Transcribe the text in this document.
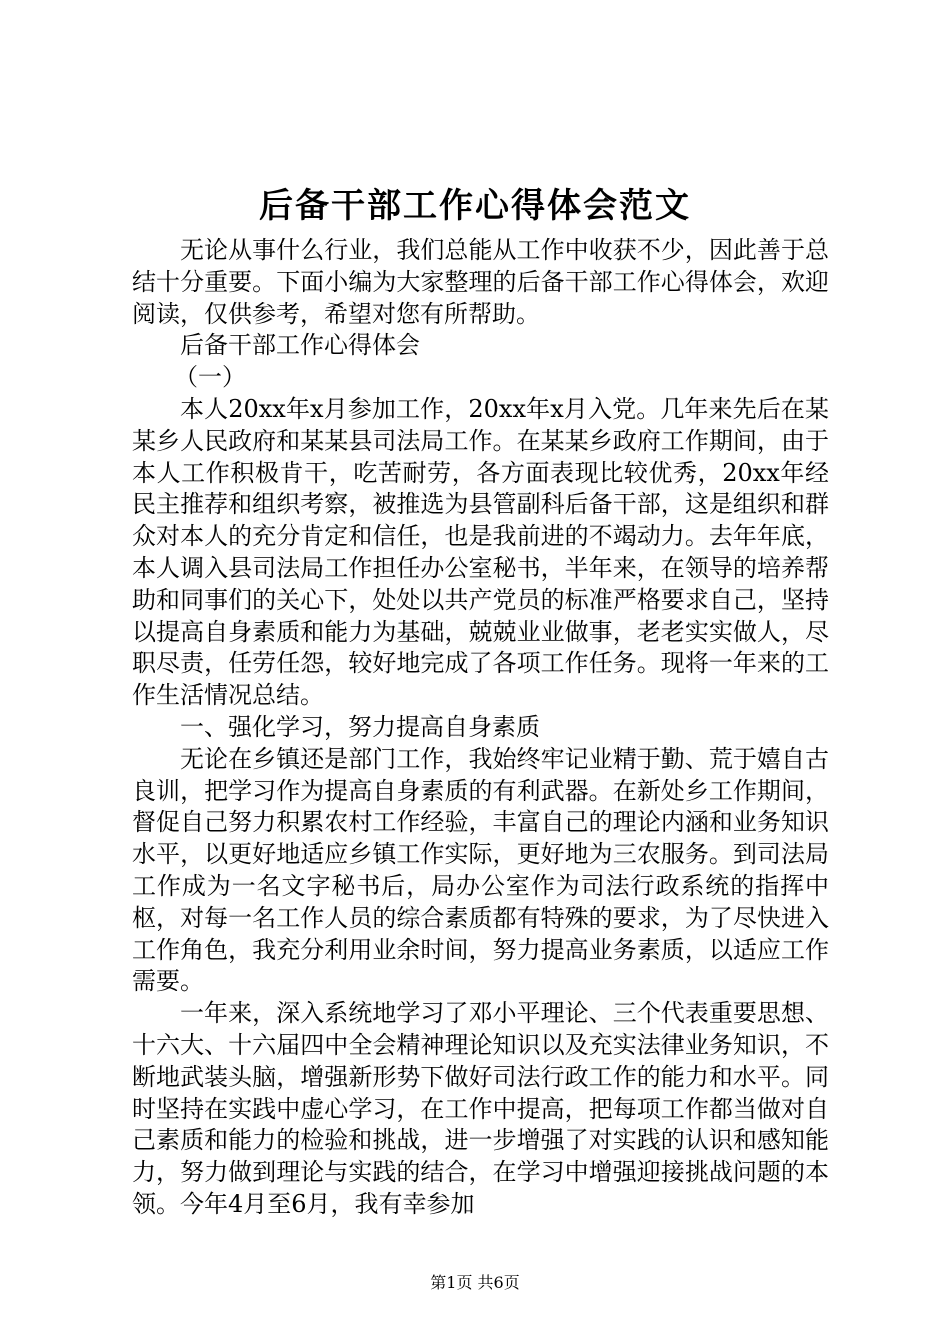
后备干部工作心得体会范文

无论从事什么行业，我们总能从工作中收获不少，因此善于总结十分重要。下面小编为大家整理的后备干部工作心得体会，欢迎阅读，仅供参考，希望对您有所帮助。

后备干部工作心得体会

（一）

本人20xx年x月参加工作，20xx年x月入党。几年来先后在某某乡人民政府和某某县司法局工作。在某某乡政府工作期间，由于本人工作积极肯干，吃苦耐劳，各方面表现比较优秀，20xx年经民主推荐和组织考察，被推选为县管副科后备干部，这是组织和群众对本人的充分肯定和信任，也是我前进的不竭动力。去年年底，本人调入县司法局工作担任办公室秘书，半年来，在领导的培养帮助和同事们的关心下，处处以共产党员的标准严格要求自己，坚持以提高自身素质和能力为基础，兢兢业业做事，老老实实做人，尽职尽责，任劳任怨，较好地完成了各项工作任务。现将一年来的工作生活情况总结。

一、强化学习，努力提高自身素质

无论在乡镇还是部门工作，我始终牢记业精于勤、荒于嬉自古良训，把学习作为提高自身素质的有利武器。在新处乡工作期间，督促自己努力积累农村工作经验，丰富自己的理论内涵和业务知识水平，以更好地适应乡镇工作实际，更好地为三农服务。到司法局工作成为一名文字秘书后，局办公室作为司法行政系统的指挥中枢，对每一名工作人员的综合素质都有特殊的要求，为了尽快进入工作角色，我充分利用业余时间，努力提高业务素质，以适应工作需要。

一年来，深入系统地学习了邓小平理论、三个代表重要思想、十六大、十六届四中全会精神理论知识以及充实法律业务知识，不断地武装头脑，增强新形势下做好司法行政工作的能力和水平。同时坚持在实践中虚心学习，在工作中提高，把每项工作都当做对自己素质和能力的检验和挑战，进一步增强了对实践的认识和感知能力，努力做到理论与实践的结合，在学习中增强迎接挑战问题的本领。今年4月至6月，我有幸参加

第1页 共6页
